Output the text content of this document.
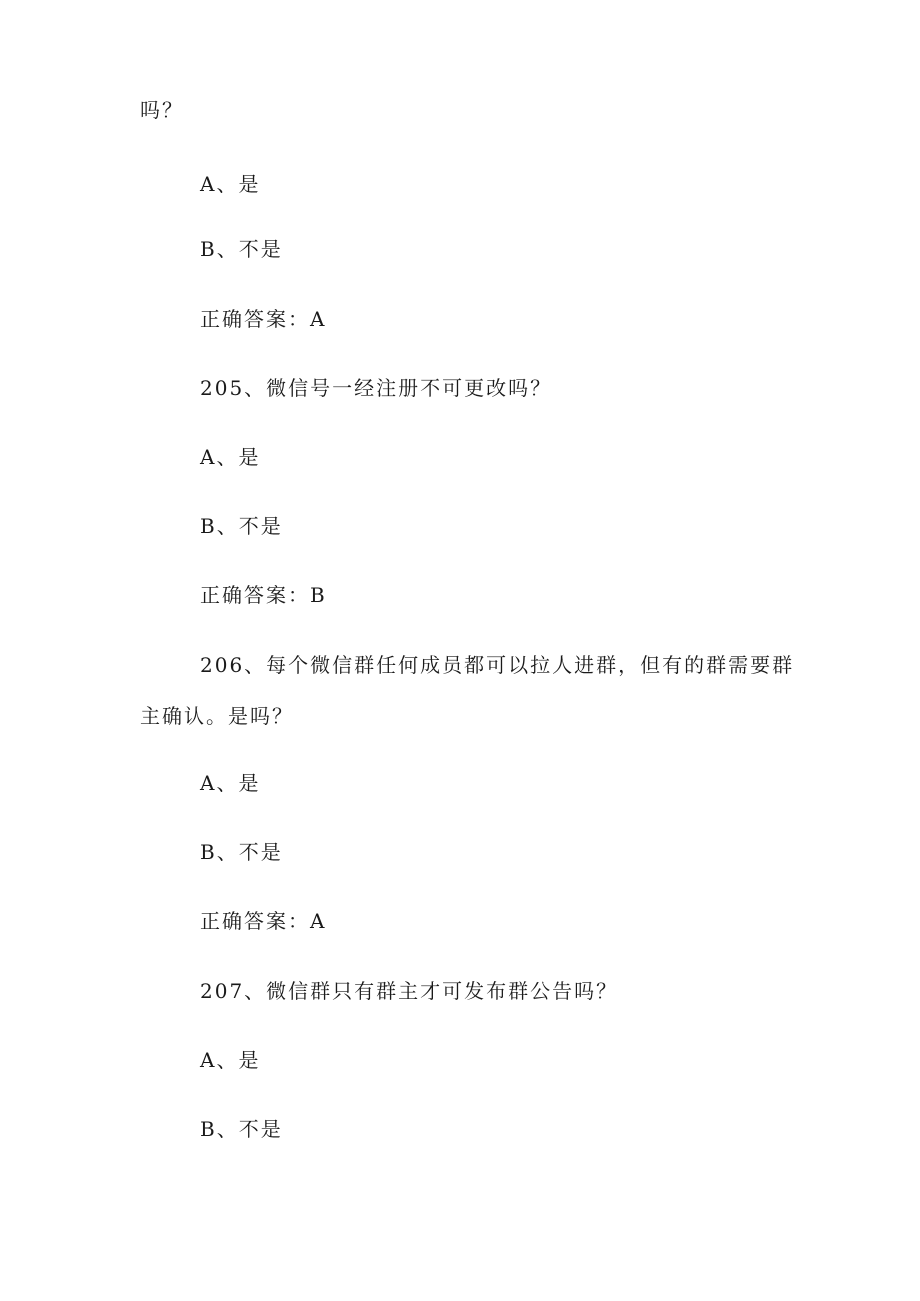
吗？
A、是
B、不是
正确答案：A
205、微信号一经注册不可更改吗？
A、是
B、不是
正确答案：B
206、每个微信群任何成员都可以拉人进群，但有的群需要群
主确认。是吗？
A、是
B、不是
正确答案：A
207、微信群只有群主才可发布群公告吗？
A、是
B、不是
